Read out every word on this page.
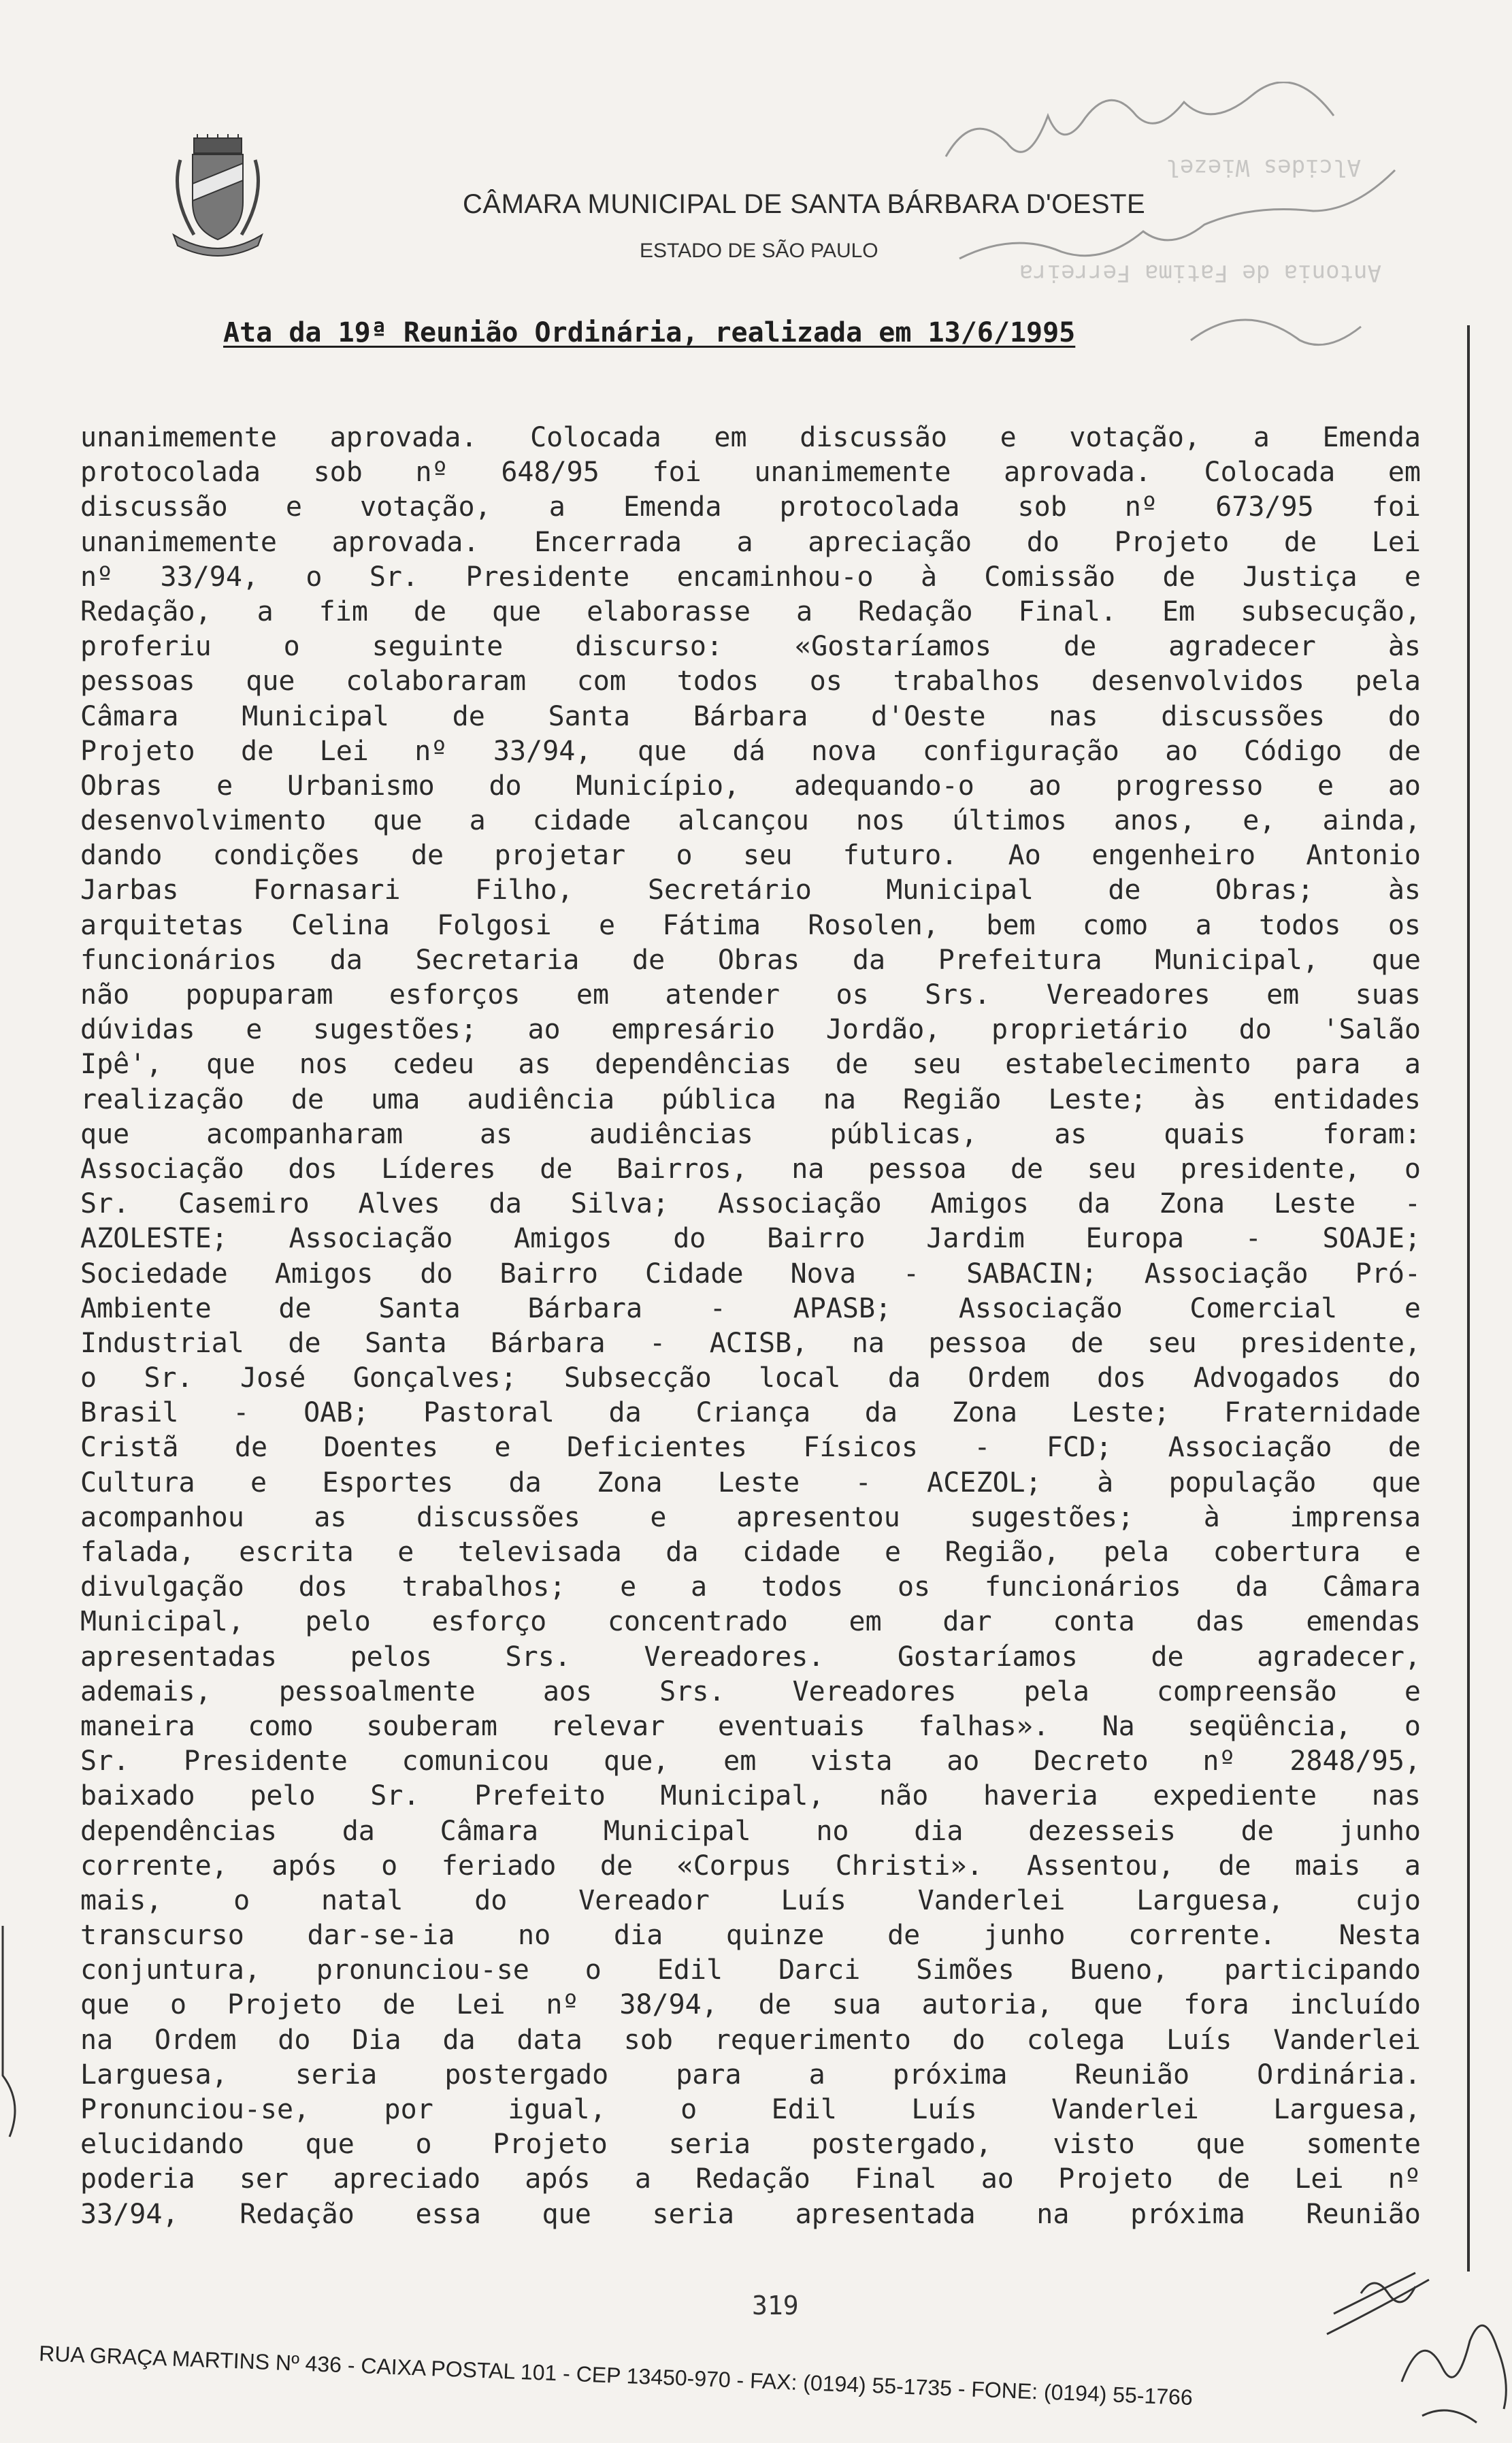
CÂMARA MUNICIPAL DE SANTA BÁRBARA D'OESTE
ESTADO DE SÃO PAULO
Ata da 19ª Reunião Ordinária, realizada em 13/6/1995
Alcides Wiezel
Antonia de Fatima Ferreira
unanimemente aprovada. Colocada em discussão e votação, a Emenda
protocolada sob nº 648/95 foi unanimemente aprovada. Colocada em
discussão e votação, a Emenda protocolada sob nº 673/95 foi
unanimemente aprovada. Encerrada a apreciação do Projeto de Lei
nº 33/94, o Sr. Presidente encaminhou-o à Comissão de Justiça e
Redação, a fim de que elaborasse a Redação Final. Em subsecução,
proferiu o seguinte discurso: «Gostaríamos de agradecer às
pessoas que colaboraram com todos os trabalhos desenvolvidos pela
Câmara Municipal de Santa Bárbara d'Oeste nas discussões do
Projeto de Lei nº 33/94, que dá nova configuração ao Código de
Obras e Urbanismo do Município, adequando-o ao progresso e ao
desenvolvimento que a cidade alcançou nos últimos anos, e, ainda,
dando condições de projetar o seu futuro. Ao engenheiro Antonio
Jarbas Fornasari Filho, Secretário Municipal de Obras; às
arquitetas Celina Folgosi e Fátima Rosolen, bem como a todos os
funcionários da Secretaria de Obras da Prefeitura Municipal, que
não popuparam esforços em atender os Srs. Vereadores em suas
dúvidas e sugestões; ao empresário Jordão, proprietário do 'Salão
Ipê', que nos cedeu as dependências de seu estabelecimento para a
realização de uma audiência pública na Região Leste; às entidades
que acompanharam as audiências públicas, as quais foram:
Associação dos Líderes de Bairros, na pessoa de seu presidente, o
Sr. Casemiro Alves da Silva; Associação Amigos da Zona Leste -
AZOLESTE; Associação Amigos do Bairro Jardim Europa - SOAJE;
Sociedade Amigos do Bairro Cidade Nova - SABACIN; Associação Pró-
Ambiente de Santa Bárbara - APASB; Associação Comercial e
Industrial de Santa Bárbara - ACISB, na pessoa de seu presidente,
o Sr. José Gonçalves; Subsecção local da Ordem dos Advogados do
Brasil - OAB; Pastoral da Criança da Zona Leste; Fraternidade
Cristã de Doentes e Deficientes Físicos - FCD; Associação de
Cultura e Esportes da Zona Leste - ACEZOL; à população que
acompanhou as discussões e apresentou sugestões; à imprensa
falada, escrita e televisada da cidade e Região, pela cobertura e
divulgação dos trabalhos; e a todos os funcionários da Câmara
Municipal, pelo esforço concentrado em dar conta das emendas
apresentadas pelos Srs. Vereadores. Gostaríamos de agradecer,
ademais, pessoalmente aos Srs. Vereadores pela compreensão e
maneira como souberam relevar eventuais falhas». Na seqüência, o
Sr. Presidente comunicou que, em vista ao Decreto nº 2848/95,
baixado pelo Sr. Prefeito Municipal, não haveria expediente nas
dependências da Câmara Municipal no dia dezesseis de junho
corrente, após o feriado de «Corpus Christi». Assentou, de mais a
mais, o natal do Vereador Luís Vanderlei Larguesa, cujo
transcurso dar-se-ia no dia quinze de junho corrente. Nesta
conjuntura, pronunciou-se o Edil Darci Simões Bueno, participando
que o Projeto de Lei nº 38/94, de sua autoria, que fora incluído
na Ordem do Dia da data sob requerimento do colega Luís Vanderlei
Larguesa, seria postergado para a próxima Reunião Ordinária.
Pronunciou-se, por igual, o Edil Luís Vanderlei Larguesa,
elucidando que o Projeto seria postergado, visto que somente
poderia ser apreciado após a Redação Final ao Projeto de Lei nº
33/94, Redação essa que seria apresentada na próxima Reunião
319
RUA GRAÇA MARTINS Nº 436 - CAIXA POSTAL 101 - CEP 13450-970 - FAX: (0194) 55-1735 - FONE: (0194) 55-1766
